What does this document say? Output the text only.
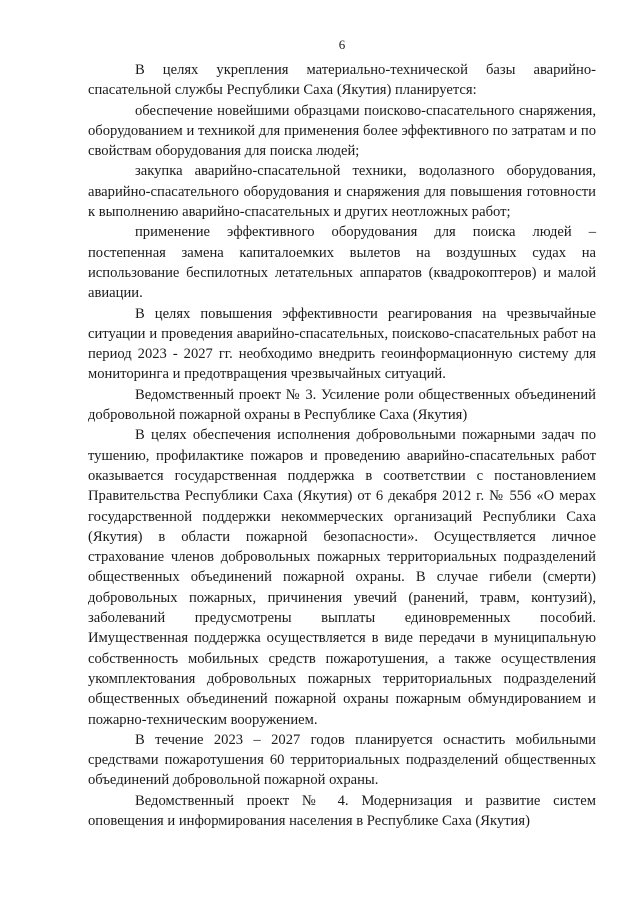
6

В целях укрепления материально-технической базы аварийно-спасательной службы Республики Саха (Якутия) планируется:

обеспечение новейшими образцами поисково-спасательного снаряжения, оборудованием и техникой для применения более эффективного по затратам и по свойствам оборудования для поиска людей;

закупка аварийно-спасательной техники, водолазного оборудования, аварийно-спасательного оборудования и снаряжения для повышения готовности к выполнению аварийно-спасательных и других неотложных работ;

применение эффективного оборудования для поиска людей – постепенная замена капиталоемких вылетов на воздушных судах на использование беспилотных летательных аппаратов (квадрокоптеров) и малой авиации.

В целях повышения эффективности реагирования на чрезвычайные ситуации и проведения аварийно-спасательных, поисково-спасательных работ на период 2023 - 2027 гг. необходимо внедрить геоинформационную систему для мониторинга и предотвращения чрезвычайных ситуаций.

Ведомственный проект № 3. Усиление роли общественных объединений добровольной пожарной охраны в Республике Саха (Якутия)

В целях обеспечения исполнения добровольными пожарными задач по тушению, профилактике пожаров и проведению аварийно-спасательных работ оказывается государственная поддержка в соответствии с постановлением Правительства Республики Саха (Якутия) от 6 декабря 2012 г. № 556 «О мерах государственной поддержки некоммерческих организаций Республики Саха (Якутия) в области пожарной безопасности». Осуществляется личное страхование членов добровольных пожарных территориальных подразделений общественных объединений пожарной охраны. В случае гибели (смерти) добровольных пожарных, причинения увечий (ранений, травм, контузий), заболеваний предусмотрены выплаты единовременных пособий. Имущественная поддержка осуществляется в виде передачи в муниципальную собственность мобильных средств пожаротушения, а также осуществления укомплектования добровольных пожарных территориальных подразделений общественных объединений пожарной охраны пожарным обмундированием и пожарно-техническим вооружением.

В течение 2023 – 2027 годов планируется оснастить мобильными средствами пожаротушения 60 территориальных подразделений общественных объединений добровольной пожарной охраны.

Ведомственный проект № 4. Модернизация и развитие систем оповещения и информирования населения в Республике Саха (Якутия)
